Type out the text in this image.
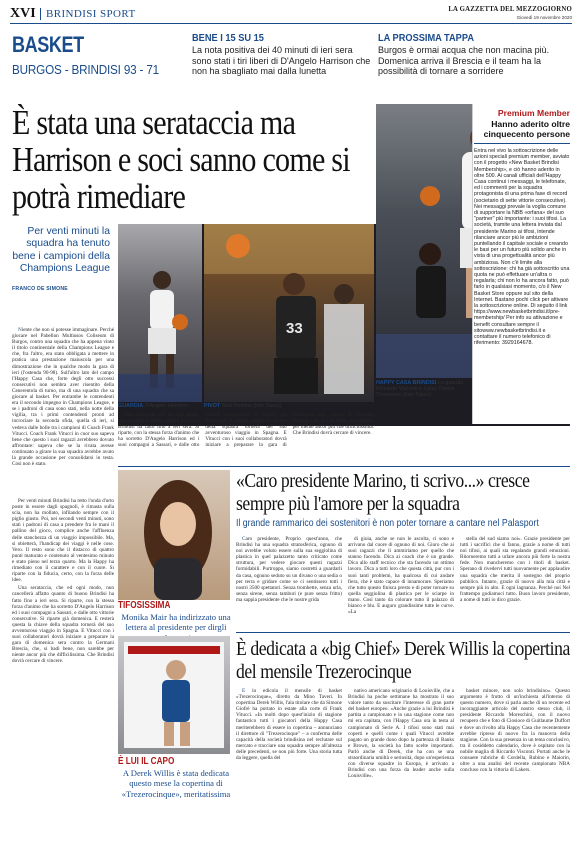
XVI BRINDISI SPORT	LA GAZZETTA DEL MEZZOGIORNO
Giovedì 19 novembre 2020
BASKET
BURGOS - BRINDISI 93 - 71
BENE I 15 SU 15
La nota positiva dei 40 minuti di ieri sera sono stati i tiri liberi di D'Angelo Harrison che non ha sbagliato mai dalla lunetta
LA PROSSIMA TAPPA
Burgos è ormai acqua che non macina più. Domenica arriva il Brescia e il team ha la possibilità di tornare a sorridere
È stata una serataccia ma Harrison e soci sanno come si potrà rimediare
33
Per venti minuti la squadra ha tenuto bene i campioni della Champions League
FRANCO DE SIMONE

Niente che non si potesse immaginare. Perché giocare nel Pabellon Multiusos Coliseum di Burgos, contro una squadra che ha appena vinto il titolo continentale della Champions League e che, fra l'altro, era stato obbligata a mettere in pratica una prestazione maiuscola per una dimostrazione che in qualche modo la gara di ieri (l'ostenda 90-98). Sull'altro lato del campo l'Happy Casa che, forte degli otto successi consecutivi non sembra aver risentito della Cenerentola di turno, ma di una squadra che sa giocare al basket. Per entrambe le contendenti era il secondo impegno in Champions League, e se i padroni di casa sono stati, nella notte della vigilia, tra i primi contendenti pronti ad incrociare la seconda sfida, quella di ieri, si vedeva dalle bolle tra i campioni di Coach Frank Vitucci. Coach Frank Vitucci in cuor suo sapeva bene che questo i suoi ragazzi avrebbero dovuto affrontare: sapeva che se la rivata avesse continuato a girare la sua squadra avrebbe avuto la grande occasione per consolidarsi in testa. Così non è stato.

Per venti minuti Brindisi ha retto l'onda d'urto poste in essere dagli spagnoli, è rimasta sulla scia, non ha mollato, infilando sempre con il piglio giusto. Poi, nei secondi venti minuti, sono stati i padroni di casa a prendere fra le mani il pallino del gioco, complice anche l'affluenza delle stanchezza di un viaggio impossibile. Ma, si obietterà, l'handicap dei viaggi è nelle cose. Vero. Il resto sono che il distacco di quattro punti maturato e contenuto al ventesimo minuto e stato pieno nel terzo quarto. Ma la Happy ha rimediato con il carattere e con il cuore. Si riparte con la fiducia, certo, con la forza delle idee.

Una serataccia, che ed ogni modo, non cancellerà affatto quanto di buono Brindisi ha fatto fino a ieri sera. Si riparte, con la stessa forza d'animo che ha sorretto D'Angelo Harrison ed i suoi compagni a Sassari, e dalle otto vittorie consecutive. Si riparte già domenica. E resterà questa la chiave della squadra tornerà del suo avventuroso viaggio in Spagna. E Vitucci con i suoi collaboratori dovrà iniziare a preparare la gara di domenica sera contro la Germani Brescia, che, si badi bene, non sarebbe per niente ancor più che difficilissima. Che Brindisi dovrà cercare di vincere.

GUARDIA D'Angelo Harrison	PIVOT Nick Perkins (foto Tasco)
HAPPY CASA BRINDISI La guardia Riccardo Visconti e il play Darius Thompson (foto Tasco)

Una serataccia, che ed ogni modo, non cancellerà affatto quanto di buono Brindisi ha fatto fino a ieri sera. Si riparte, con la stessa forza d'animo che ha sorretto D'Angelo Harrison ed i suoi compagni a Sassari, e dalle otto vittorie consecutive. Si riparte già domenica. E resterà questa la chiave della squadra tornerà del suo avventuroso viaggio in Spagna. E Vitucci con i suoi collaboratori dovrà iniziare a preparare la gara di domenica sera contro la Germani Brescia, che, si badi bene, non sarebbe per niente ancor più che difficilissima. Che Brindisi dovrà cercare di vincere.

Premium Member
Hanno aderito oltre cinquecento persone
Entra nel vivo la sottoscrizione delle azioni speciali premium member, avviato con il progetto «New Basket Brindisi Membership», e ciò hanno aderito in oltre 500. Ai canali ufficiali dell'Happy Casa continui i messaggi, le telefonate, ed i commenti per la squadra protagonista di una prima fase di record (societario di sette vittorie consecutive). Nei messaggi prevale la voglia comune di supportare la NBB «orfana» del suo "partner" più importante: i suoi tifosi. La società, tramite una lettera inviata dal presidente Marino ai tifosi, intende rilanciare ancor più le ambizioni puntellando il capitale sociale e creando le basi per un futuro più solido anche in vista di una progettualità ancor più ambiziosa. Non c'è limite alla sottoscrizione: chi ha già sottoscritto una quota ne può effettuare un'altra o regalarla; chi non lo ha ancora fatto, può farlo in qualsiasi momento, c/o il New Basket Store oppure sul sito della Internet. Bastano pochi click per attivare la sottoscrizione online. Di seguito il link https://www.newbasketbrindisi.it/pre-membership/ Per info su attivazione e benefit consultare sempre il sitowww.newbasketbrindisi.it e contattare il numero telefonico di riferimento: 3929164678.
TIFOSISSIMA
Monika Mair ha indirizzato una lettera al presidente per dirgli
«Caro presidente Marino, ti scrivo...» cresce sempre più l'amore per la squadra
Il grande rammarico dei sostenitori è non poter tornare a cantare nel Palasport

Caro presidente, Proprio quest'anno, che Brindisi ha una squadra stratosferica, ognuno di noi avrebbe voluto essere sulla sua seggiolina di plastica in quel palazzetto tanto criticato come struttura, per vedere giocare questi ragazzi formidabili. Purtroppo, siamo costretti a guardarli da casa, ognuno seduto su un divano o una sedia o per terra e gridare come se ci sentissero tutti i nostri 3500 spettatori. Senza trombette, senza urla, senza sirene, senza tamburi (e pure senza fritto) ma sappia presidente che le nostre grida

di gioia, anche se non le ascolta, ci sono e arrivano dal cuore di ognuno di noi. Giuro che ai suoi ragazzi che li ammiriamo per quello che stanno facendo. Dica ai coach che è un grande. Dica allo staff tecnico che sta facendo un ottimo lavoro. Dica a tutti loro che questa città, pur con i suoi tanti problemi, ha qualcosa di cui andare fiera, che è stato capace di innamorare. Speriamo che tutto questo finisca presto e di poter tornare su quella seggiolina di plastica per le sciarpe in mano. Così tanto da colorare tutto il palazzo di bianco e blu. E auguro grandissime tutte le curve. «La

stella del sud siamo noi». Grazie presidente per tutti i sacrifici che si fanno, grazie a nome di tutti noi tifosi, ai quali sta regalando grandi emozioni. Ritorneremo tutti a urlare ancora più forte la nostra fede. Non mancheremo con i titoli di basket. Sperano di rivedervi tutti nuovamente per applaudire una squadra che merita il sostegno del proprio pubblico. Intanto, grazie di nuovo alla mia città e sempre più in alto. E ogni lagnanza. Perché noi Nel frattempo godiamoci tutto. Buon lavoro presidente, a nome di tutti io dico grazie.

È LUI IL CAPO
A Derek Willis è stata dedicata questo mese la copertina di «Trezerocinque», meritatissima
È dedicata a «big Chief» Derek Willis la copertina del mensile Trezerocinque

È in edicola il mensile di basket «Trezerocinque», diretto da Mino Taveri. In copertina Derek Willis, l'ala titolare che da Simone Giofrè ha portato in estate alla corte di Frank Vitucci. «In molti dopo quest'inizio di stagione fantastico tutti i giocatori della Happy Casa meriterebbero di essere in copertina – annunciano il direttore di "Trezerocinque" – a conferma delle capacità della società brindisina nel reclutare sul mercato e tracciare una squadra sempre all'altezza delle precedenti, se non più forte. Una storia tutta da leggere, quella del

nativo americano originario di Louisville, che a Brindisi ha poche settimane ha mostrato il suo valore tanto da suscitare l'interesse di gran parte del basket europeo. «Anche grazie a lui Brindisi è partita a campionato e in una stagione come non mi era capitata, con l'Happy Casa ora in testa al campionato di Serie A. I tifosi sono stati mai coperti e quelli come i quali Vitucci avrebbe pagato un grande dono dopo la partenza di Banks e Brown, la società ha fatto scelte importanti. Parlò anche di Derek, che ha con se una straordinaria umiltà e seriosità, dopo un'esperienza con diverse squadre in Europa, è arrivato a Brindisi con una forza da leader anche sulla Louisville».

basket minore, non solo brindisino». Questo argomento è frutto di un'inchiesta all'interno di questo numero, dove si parla anche di un recente ed incoraggiante articolo del nostro stesso club, il presidente Riccardo Moreschini, con il nuovo recupero che e foto di Ciosioce di Guitlaume Duffort e dove un rivolto alla Happy Casa che recentemente avrebbe ripreso di nuovo fra la manovra della stagione. Con la sua presenza in un tema conclusivo, tra il cosiddetto calendario, dove è ospitato con la nobile maglia di Riccardo Visconti. Portati anche le consuete rubriche di Cordella, Rubino e Maiorin, oltre a una analisi del recente campionato NBA concluso con la vittoria di Lakers.
